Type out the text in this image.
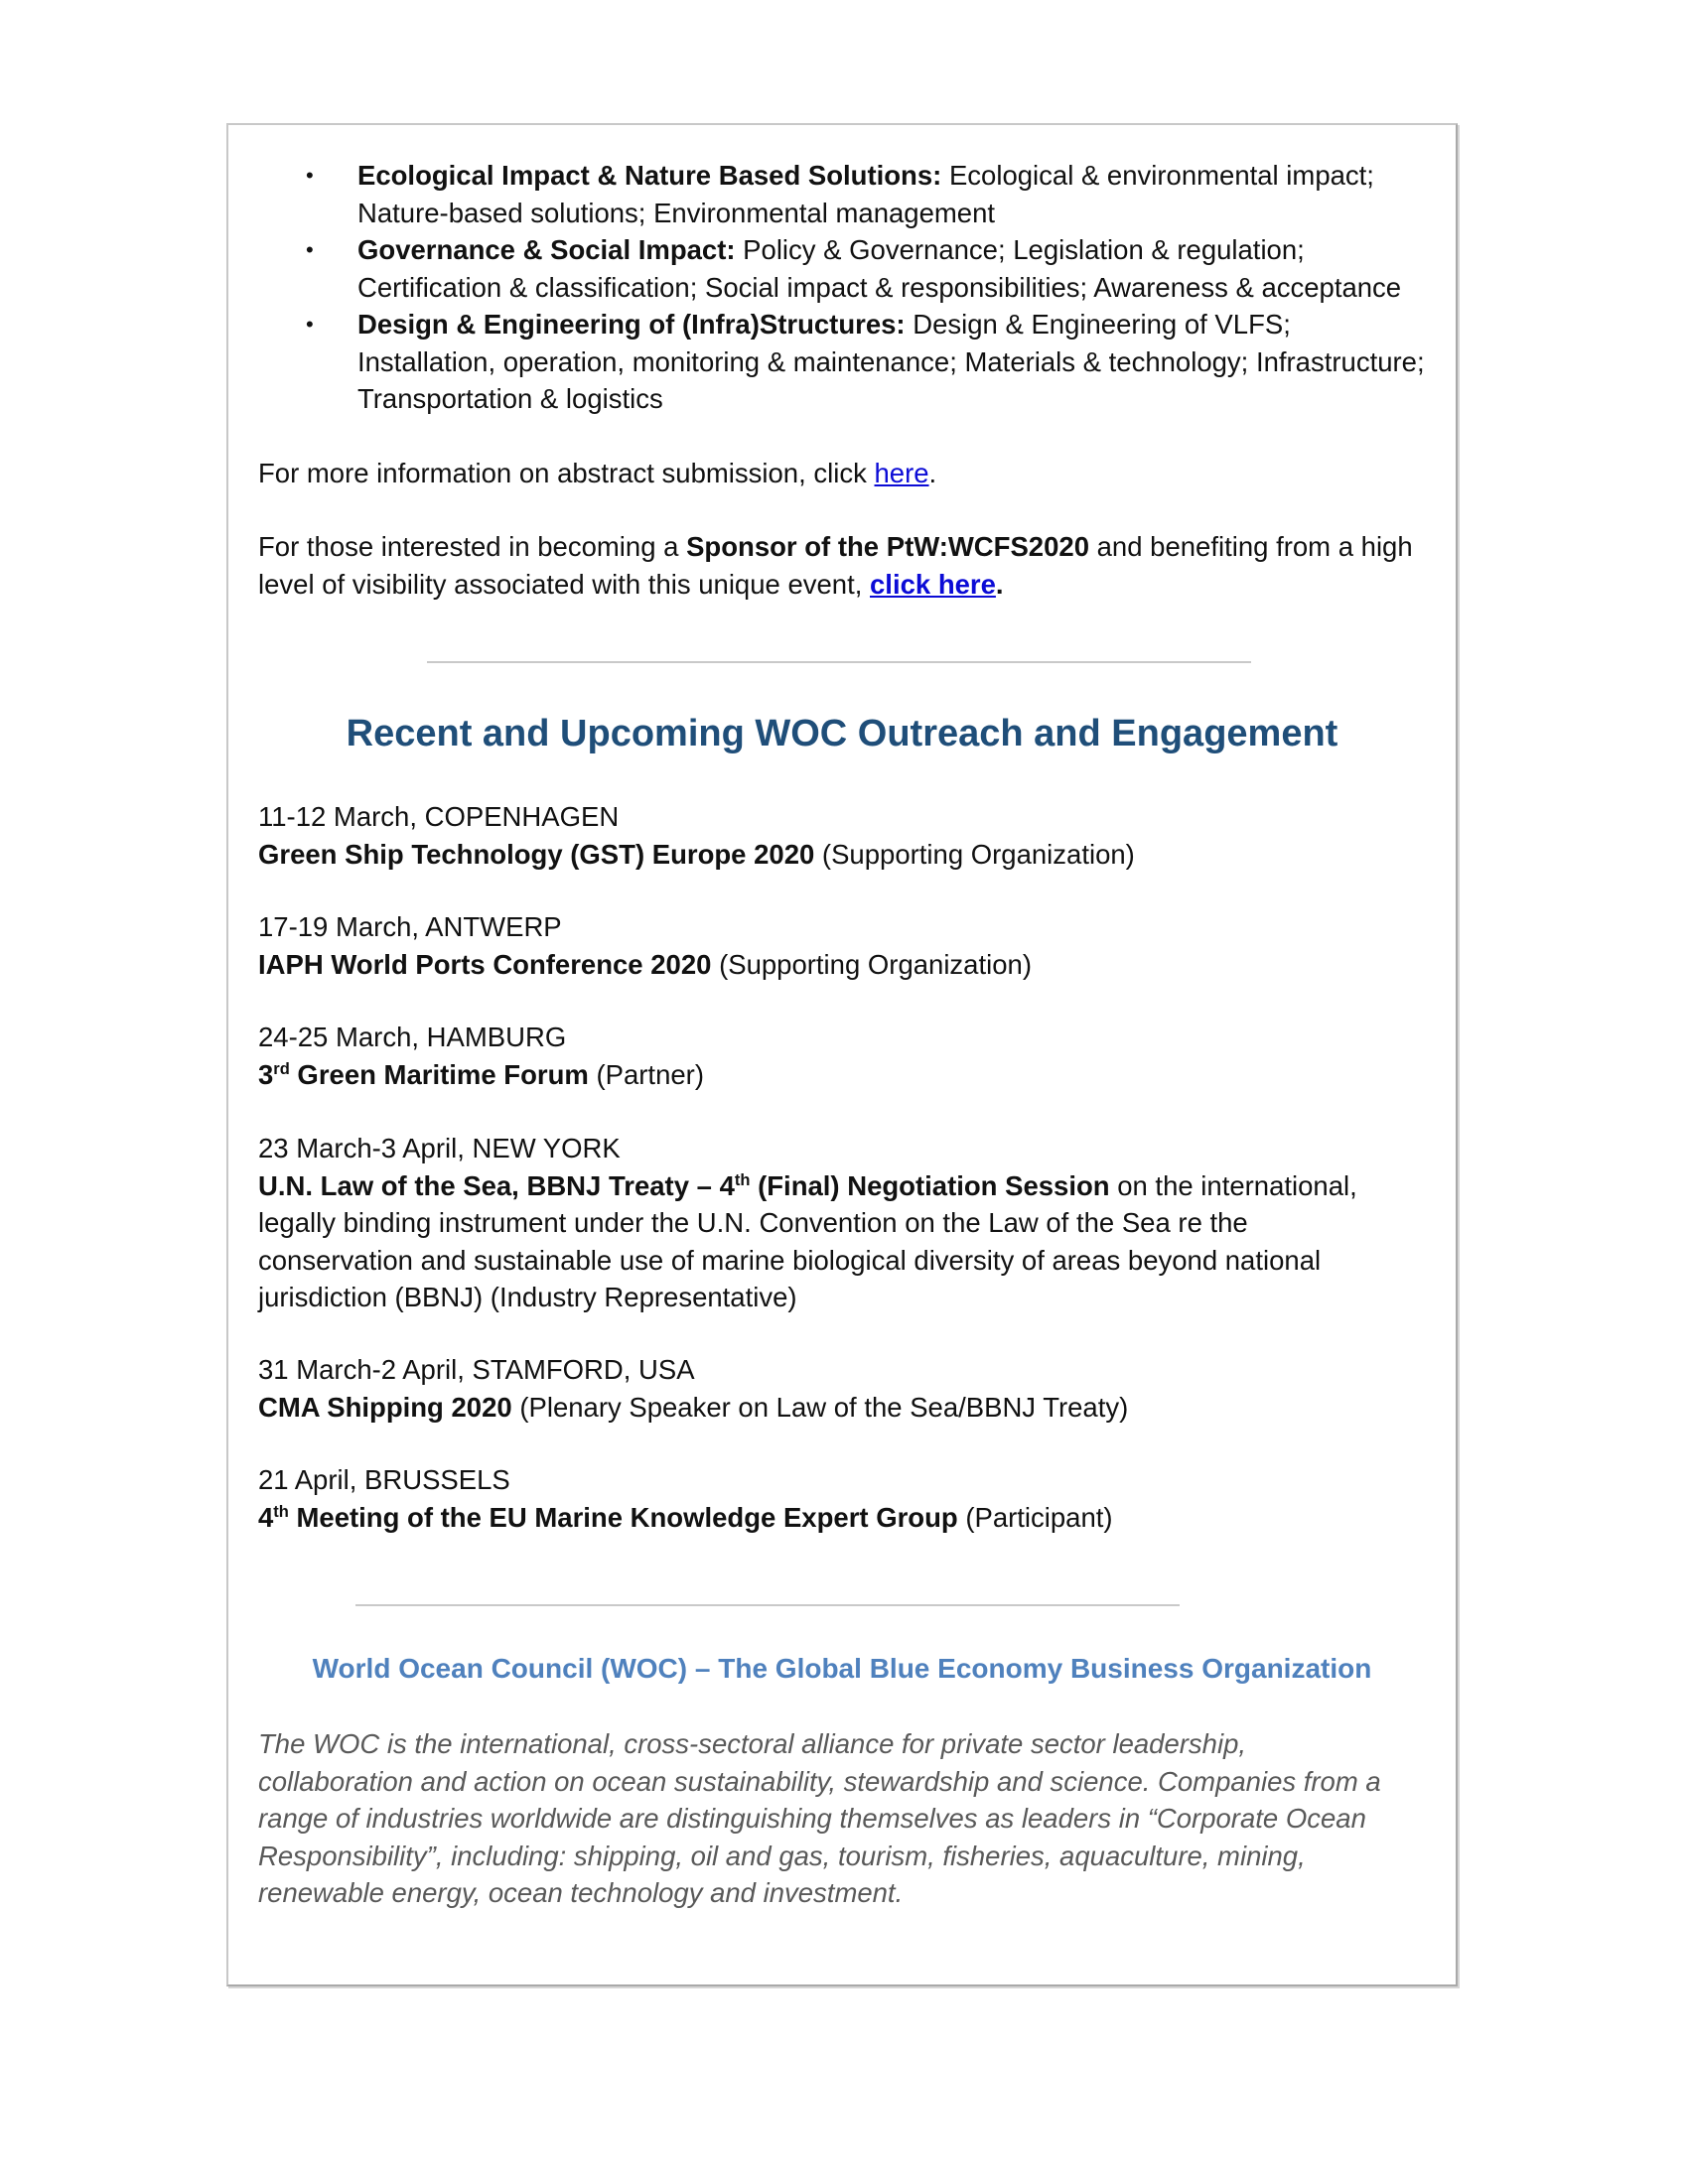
• Ecological Impact & Nature Based Solutions: Ecological & environmental impact; Nature-based solutions; Environmental management
• Governance & Social Impact: Policy & Governance; Legislation & regulation; Certification & classification; Social impact & responsibilities; Awareness & acceptance
• Design & Engineering of (Infra)Structures: Design & Engineering of VLFS; Installation, operation, monitoring & maintenance; Materials & technology; Infrastructure; Transportation & logistics

For more information on abstract submission, click here.

For those interested in becoming a Sponsor of the PtW:WCFS2020 and benefiting from a high level of visibility associated with this unique event, click here.

Recent and Upcoming WOC Outreach and Engagement
11-12 March, COPENHAGEN
Green Ship Technology (GST) Europe 2020 (Supporting Organization)
17-19 March, ANTWERP
IAPH World Ports Conference 2020 (Supporting Organization)
24-25 March, HAMBURG
3rd Green Maritime Forum (Partner)
23 March-3 April, NEW YORK
U.N. Law of the Sea, BBNJ Treaty – 4th (Final) Negotiation Session on the international, legally binding instrument under the U.N. Convention on the Law of the Sea re the conservation and sustainable use of marine biological diversity of areas beyond national jurisdiction (BBNJ) (Industry Representative)
31 March-2 April, STAMFORD, USA
CMA Shipping 2020 (Plenary Speaker on Law of the Sea/BBNJ Treaty)
21 April, BRUSSELS
4th Meeting of the EU Marine Knowledge Expert Group (Participant)
World Ocean Council (WOC) – The Global Blue Economy Business Organization
The WOC is the international, cross-sectoral alliance for private sector leadership, collaboration and action on ocean sustainability, stewardship and science. Companies from a range of industries worldwide are distinguishing themselves as leaders in “Corporate Ocean Responsibility”, including: shipping, oil and gas, tourism, fisheries, aquaculture, mining, renewable energy, ocean technology and investment.
